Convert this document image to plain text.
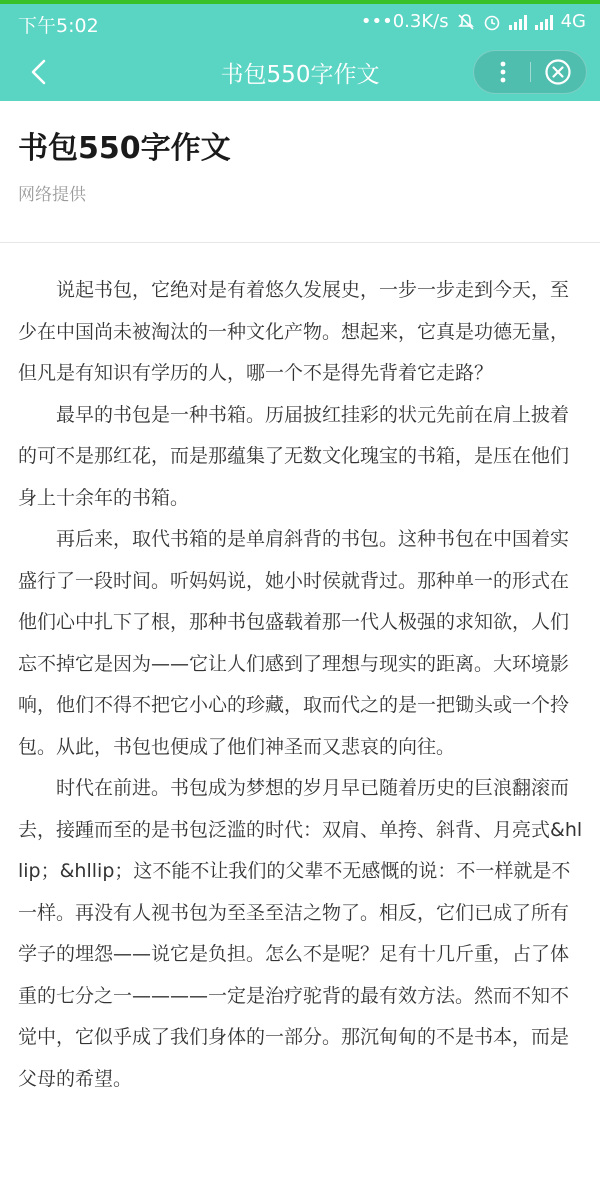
下午5:02	•••0.3K/s	4G
书包550字作文
书包550字作文
网络提供

说起书包，它绝对是有着悠久发展史，一步一步走到今天，至少在中国尚未被淘汰的一种文化产物。想起来，它真是功德无量，但凡是有知识有学历的人，哪一个不是得先背着它走路？

最早的书包是一种书箱。历届披红挂彩的状元先前在肩上披着的可不是那红花，而是那蕴集了无数文化瑰宝的书箱，是压在他们身上十余年的书箱。

再后来，取代书箱的是单肩斜背的书包。这种书包在中国着实盛行了一段时间。听妈妈说，她小时侯就背过。那种单一的形式在他们心中扎下了根，那种书包盛载着那一代人极强的求知欲，人们忘不掉它是因为——它让人们感到了理想与现实的距离。大环境影响，他们不得不把它小心的珍藏，取而代之的是一把锄头或一个拎包。从此，书包也便成了他们神圣而又悲哀的向往。

时代在前进。书包成为梦想的岁月早已随着历史的巨浪翻滚而去，接踵而至的是书包泛滥的时代：双肩、单挎、斜背、月亮式&hllip；&hllip；这不能不让我们的父辈不无感慨的说：不一样就是不一样。再没有人视书包为至圣至洁之物了。相反，它们已成了所有学子的埋怨——说它是负担。怎么不是呢？足有十几斤重，占了体重的七分之一————一定是治疗驼背的最有效方法。然而不知不觉中，它似乎成了我们身体的一部分。那沉甸甸的不是书本，而是父母的希望。
